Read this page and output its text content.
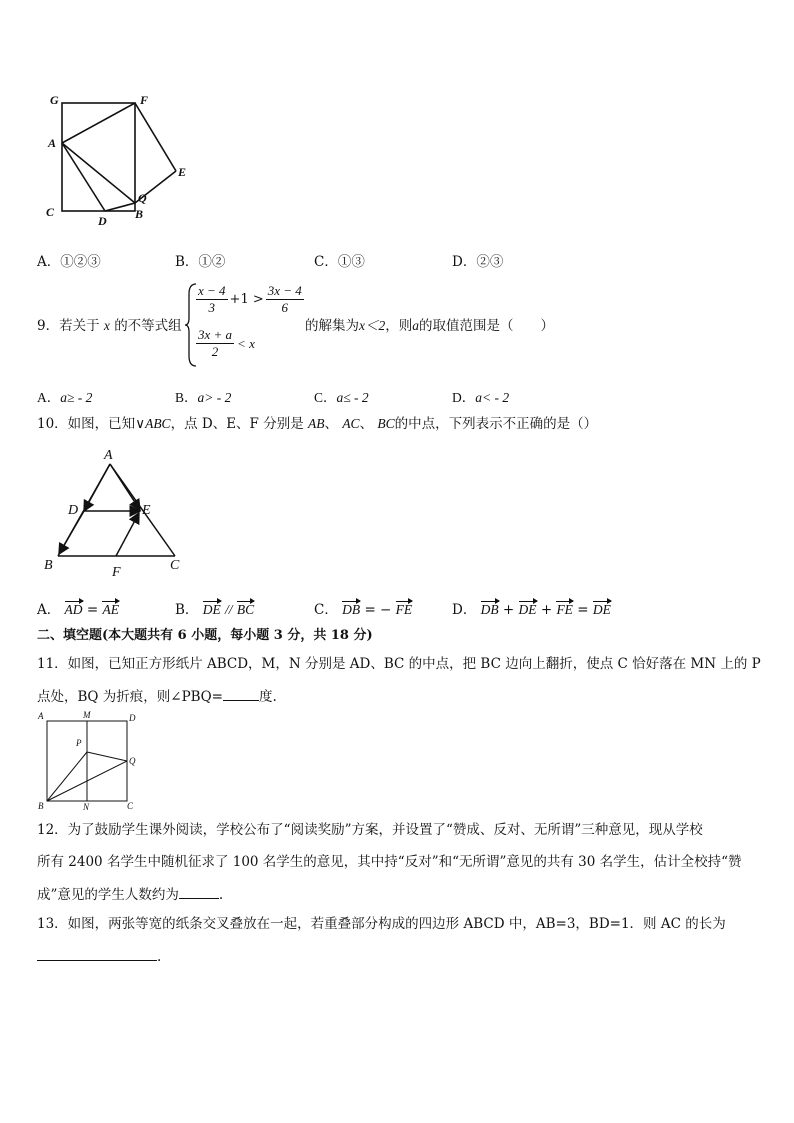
G	F
A
E
Q
C
D B
A．①②③	B．①②	C．①③	D．②③
9．若关于 x 的不等式组
$\frac{x - 4}{3} +1 > \frac{3x - 4}{6}$
$\frac{3x + a}{2} < x$
的解集为x＜2，则a的取值范围是（　　）
A．a≥ - 2	B．a> - 2	C．a≤ - 2	D．a< - 2
10．如图，已知∨ABC，点 D、E、F 分别是 AB、 AC、 BC的中点，下列表示不正确的是（）
A
D	E
B	F	C
A． AD = AE	B． DE // BC	C． DB = − FE	D． DB + DE + FE = DE
二、填空题(本大题共有 6 小题，每小题 3 分，共 18 分)
11．如图，已知正方形纸片 ABCD，M，N 分别是 AD、BC 的中点，把 BC 边向上翻折，使点 C 恰好落在 MN 上的 P
点处，BQ 为折痕，则∠PBQ=	度.
A	M	D
P
Q
B	N	C
12．为了鼓励学生课外阅读，学校公布了“阅读奖励”方案，并设置了“赞成、反对、无所谓”三种意见，现从学校
所有 2400 名学生中随机征求了 100 名学生的意见，其中持“反对”和“无所谓”意见的共有 30 名学生，估计全校持“赞
成”意见的学生人数约为	.
13．如图，两张等宽的纸条交叉叠放在一起，若重叠部分构成的四边形 ABCD 中，AB=3，BD=1．则 AC 的长为
.
